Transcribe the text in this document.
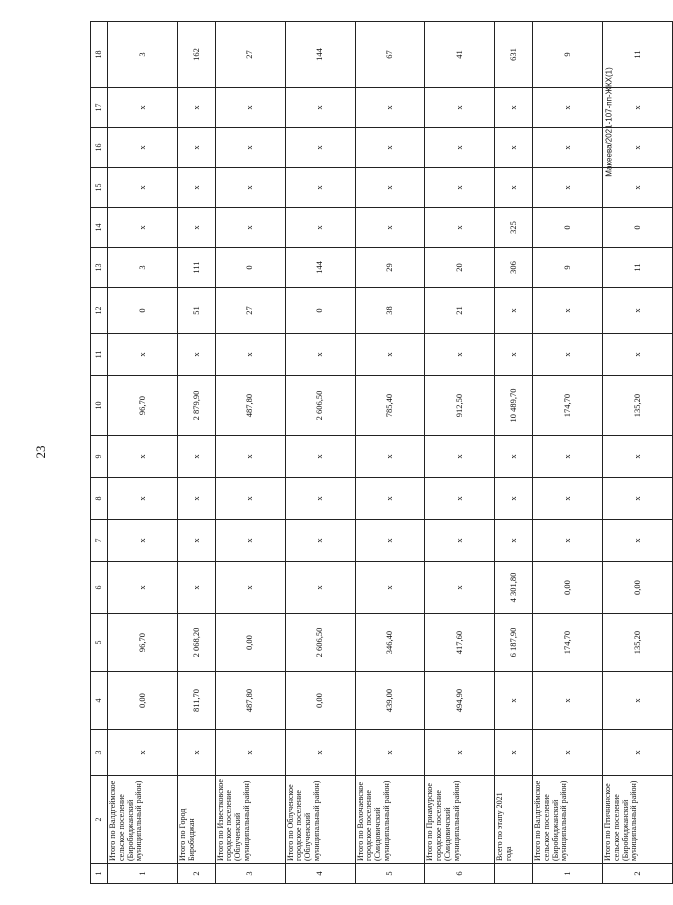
23
Макеева/2021-107-пп-ЖКХ(1)
1	2	3	4	5	6	7	8	9	10	11	12	13	14	15	16	17	18
1	Итого по Валдгеймское сельское поселение (Биробиджанский муниципальный район)	x	0,00	96,70	x	x	x	x	96,70	x	0	3	x	x	x	x	3
2	Итого по Город Биробиджан	x	811,70	2 068,20	x	x	x	x	2 879,90	x	51	111	x	x	x	x	162
3	Итого по Известковское городское поселение (Облученский муниципальный район)	x	487,80	0,00	x	x	x	x	487,80	x	27	0	x	x	x	x	27
4	Итого по Облученское городское поселение (Облученский муниципальный район)	x	0,00	2 606,50	x	x	x	x	2 606,50	x	0	144	x	x	x	x	144
5	Итого по Волочаевское городское поселение (Смидовичский муниципальный район)	x	439,00	346,40	x	x	x	x	785,40	x	38	29	x	x	x	x	67
6	Итого по Приамурское городское поселение (Смидовичский муниципальный район)	x	494,90	417,60	x	x	x	x	912,50	x	21	20	x	x	x	x	41
	Всего по этапу 2021 года	x	x	6 187,90	4 301,80	x	x	x	10 489,70	x	x	306	325	x	x	x	631
1	Итого по Валдгеймское сельское поселение (Биробиджанский муниципальный район)	x	x	174,70	0,00	x	x	x	174,70	x	x	9	0	x	x	x	9
2	Итого по Птичнинское сельское поселение (Биробиджанский муниципальный район)	x	x	135,20	0,00	x	x	x	135,20	x	x	11	0	x	x	x	11
